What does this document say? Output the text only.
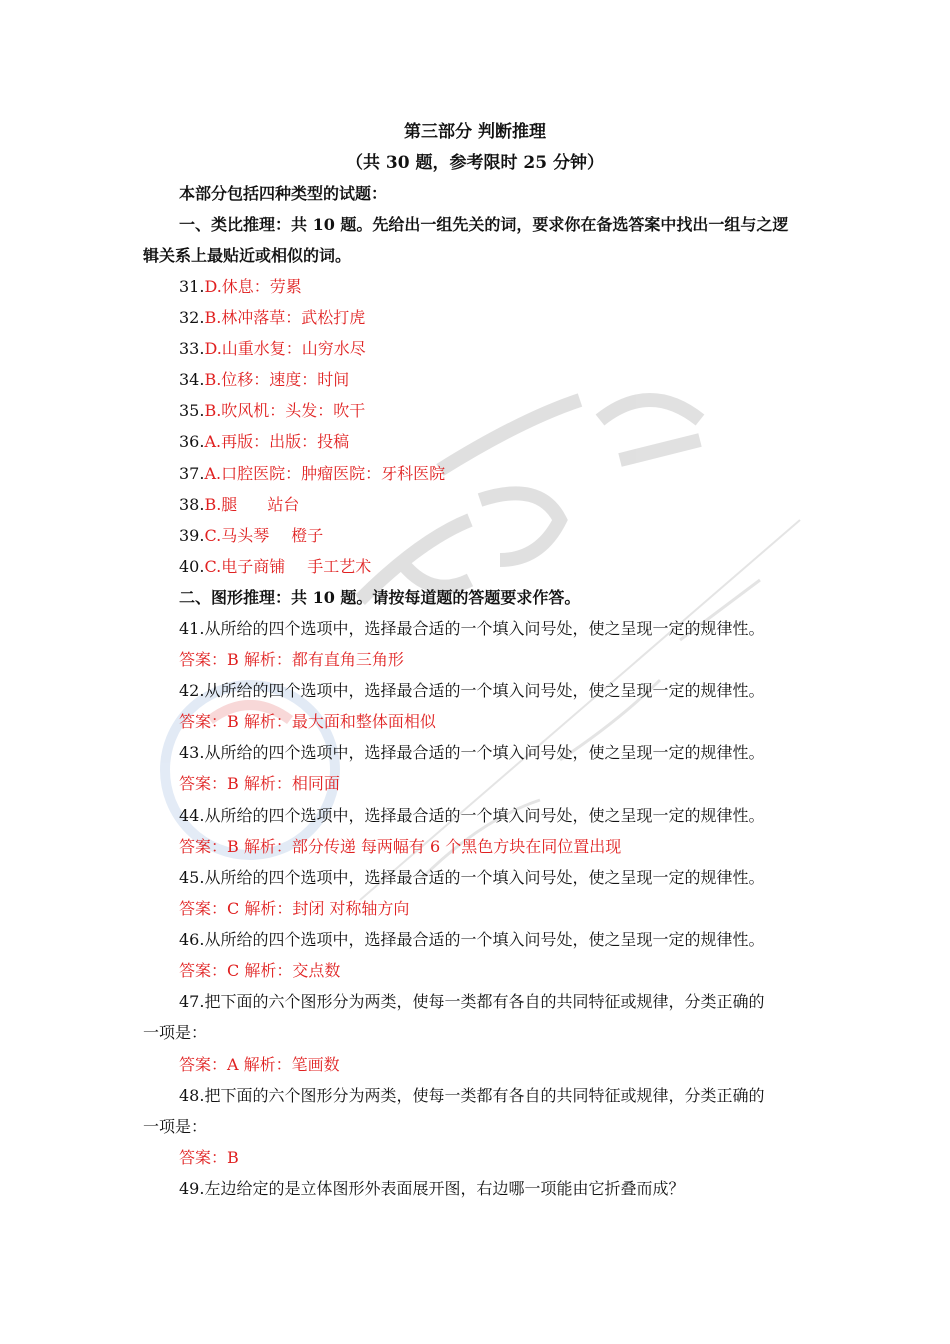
第三部分 判断推理
（共 30 题，参考限时 25 分钟）
本部分包括四种类型的试题：
一、类比推理：共 10 题。先给出一组先关的词，要求你在备选答案中找出一组与之逻
辑关系上最贴近或相似的词。
31.D.休息：劳累
32.B.林冲落草：武松打虎
33.D.山重水复：山穷水尽
34.B.位移：速度：时间
35.B.吹风机：头发：吹干
36.A.再版：出版：投稿
37.A.口腔医院：肿瘤医院：牙科医院
38.B.腿 站台
39.C.马头琴 橙子
40.C.电子商铺 手工艺术
二、图形推理：共 10 题。请按每道题的答题要求作答。
41.从所给的四个选项中，选择最合适的一个填入问号处，使之呈现一定的规律性。
答案：B 解析：都有直角三角形
42.从所给的四个选项中，选择最合适的一个填入问号处，使之呈现一定的规律性。
答案：B 解析：最大面和整体面相似
43.从所给的四个选项中，选择最合适的一个填入问号处，使之呈现一定的规律性。
答案：B 解析：相同面
44.从所给的四个选项中，选择最合适的一个填入问号处，使之呈现一定的规律性。
答案：B 解析：部分传递 每两幅有 6 个黑色方块在同位置出现
45.从所给的四个选项中，选择最合适的一个填入问号处，使之呈现一定的规律性。
答案：C 解析：封闭 对称轴方向
46.从所给的四个选项中，选择最合适的一个填入问号处，使之呈现一定的规律性。
答案：C 解析：交点数
47.把下面的六个图形分为两类，使每一类都有各自的共同特征或规律，分类正确的
一项是：
答案：A 解析：笔画数
48.把下面的六个图形分为两类，使每一类都有各自的共同特征或规律，分类正确的
一项是：
答案：B
49.左边给定的是立体图形外表面展开图，右边哪一项能由它折叠而成？
